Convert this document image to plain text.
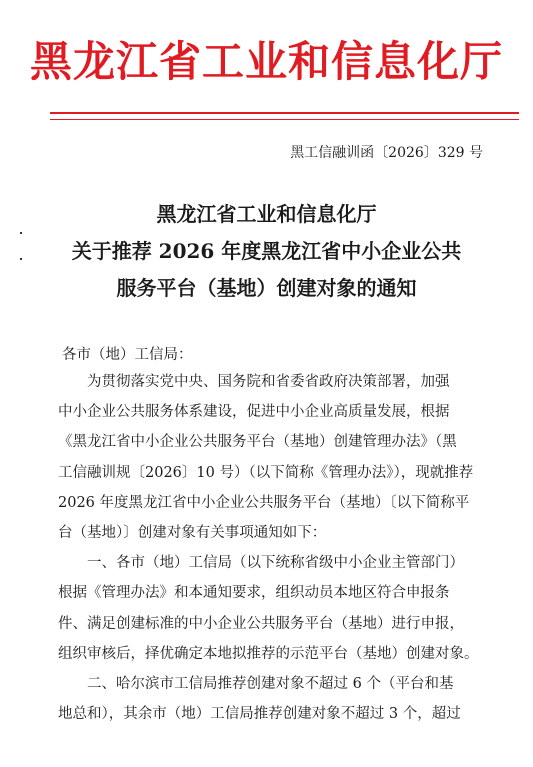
黑龙江省工业和信息化厅
黑工信融训函〔2026〕329 号
黑龙江省工业和信息化厅
关于推荐 2026 年度黑龙江省中小企业公共
服务平台（基地）创建对象的通知
各市（地）工信局：
　　为贯彻落实党中央、国务院和省委省政府决策部署，加强
中小企业公共服务体系建设，促进中小企业高质量发展，根据
《黑龙江省中小企业公共服务平台（基地）创建管理办法》（黑
工信融训规〔2026〕10 号）（以下简称《管理办法》），现就推荐
2026 年度黑龙江省中小企业公共服务平台（基地）〔以下简称平
台（基地）〕创建对象有关事项通知如下：
　　一、各市（地）工信局（以下统称省级中小企业主管部门）
根据《管理办法》和本通知要求，组织动员本地区符合申报条
件、满足创建标准的中小企业公共服务平台（基地）进行申报，
组织审核后，择优确定本地拟推荐的示范平台（基地）创建对象。
　　二、哈尔滨市工信局推荐创建对象不超过 6 个（平台和基
地总和），其余市（地）工信局推荐创建对象不超过 3 个，超过
